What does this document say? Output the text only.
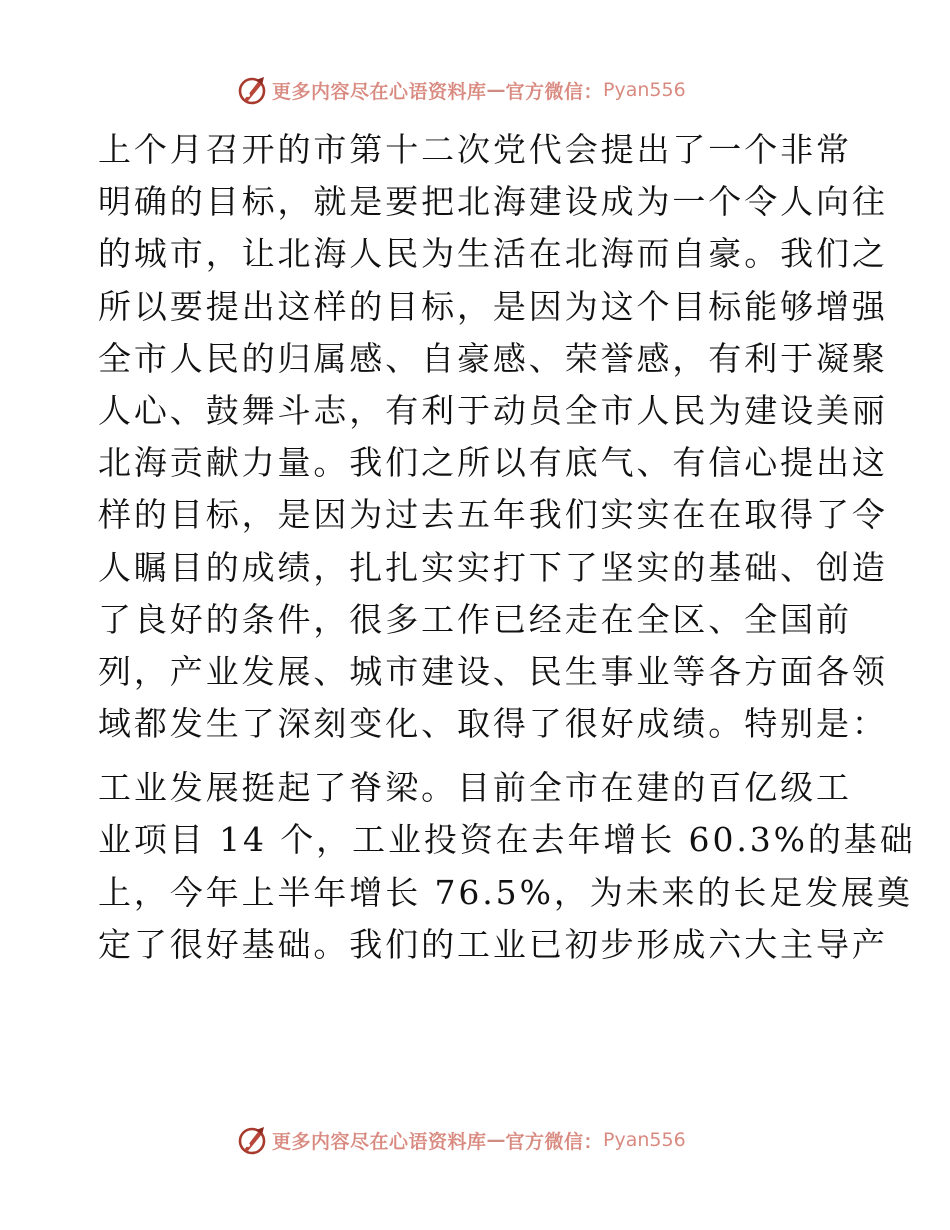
更多内容尽在心语资料库 — 官方微信： Pyan556
上个月召开的市第十二次党代会提出了一个非常
明确的目标，就是要把北海建设成为一个令人向往
的城市，让北海人民为生活在北海而自豪。我们之
所以要提出这样的目标，是因为这个目标能够增强
全市人民的归属感、自豪感、荣誉感，有利于凝聚
人心、鼓舞斗志，有利于动员全市人民为建设美丽
北海贡献力量。我们之所以有底气、有信心提出这
样的目标，是因为过去五年我们实实在在取得了令
人瞩目的成绩，扎扎实实打下了坚实的基础、创造
了良好的条件，很多工作已经走在全区、全国前
列，产业发展、城市建设、民生事业等各方面各领
域都发生了深刻变化、取得了很好成绩。特别是：
工业发展挺起了脊梁。目前全市在建的百亿级工
业项目 14 个，工业投资在去年增长 60.3%的基础
上，今年上半年增长 76.5%，为未来的长足发展奠
定了很好基础。我们的工业已初步形成六大主导产
更多内容尽在心语资料库 — 官方微信： Pyan556
